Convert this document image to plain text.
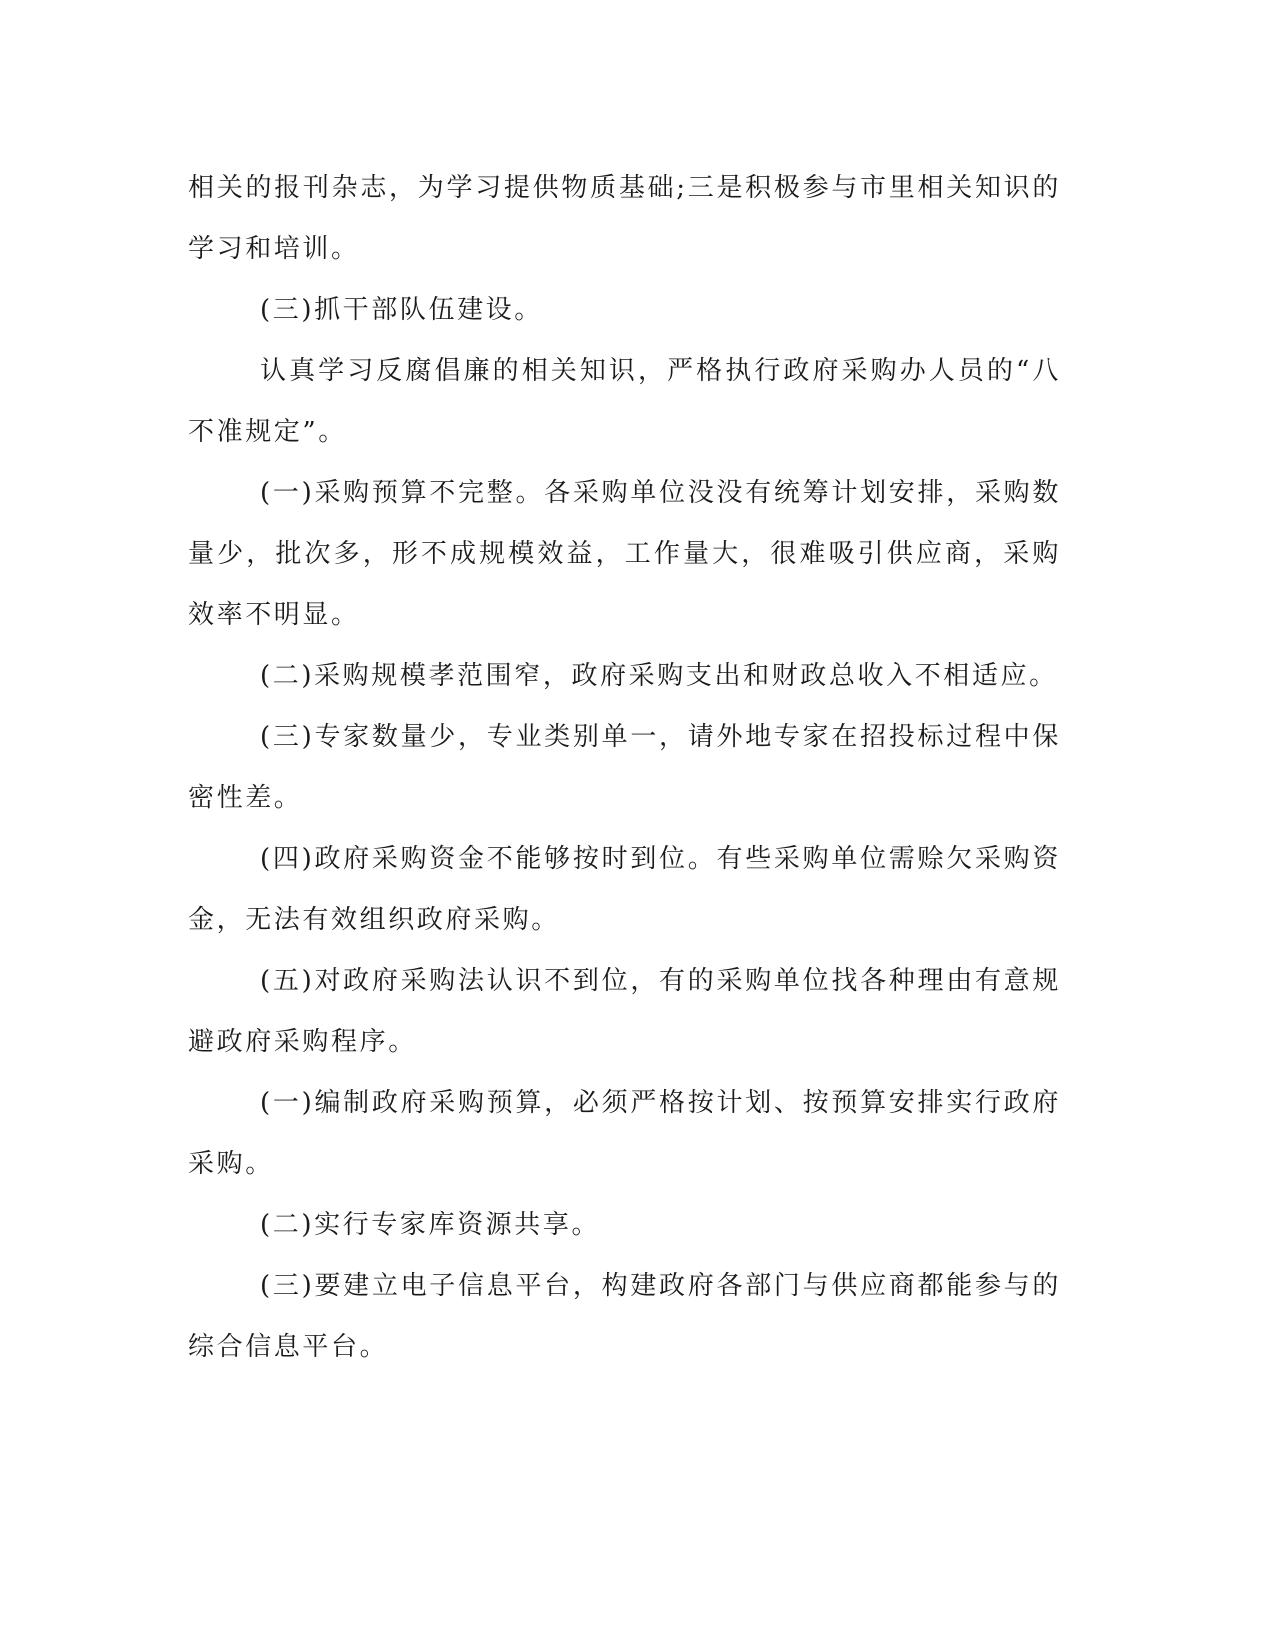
相关的报刊杂志，为学习提供物质基础;三是积极参与市里相关知识的学习和培训。

(三)抓干部队伍建设。

认真学习反腐倡廉的相关知识，严格执行政府采购办人员的“八不准规定”。

(一)采购预算不完整。各采购单位没没有统筹计划安排，采购数量少，批次多，形不成规模效益，工作量大，很难吸引供应商，采购效率不明显。

(二)采购规模孝范围窄，政府采购支出和财政总收入不相适应。

(三)专家数量少，专业类别单一，请外地专家在招投标过程中保密性差。

(四)政府采购资金不能够按时到位。有些采购单位需赊欠采购资金，无法有效组织政府采购。

(五)对政府采购法认识不到位，有的采购单位找各种理由有意规避政府采购程序。

(一)编制政府采购预算，必须严格按计划、按预算安排实行政府采购。

(二)实行专家库资源共享。

(三)要建立电子信息平台，构建政府各部门与供应商都能参与的综合信息平台。
